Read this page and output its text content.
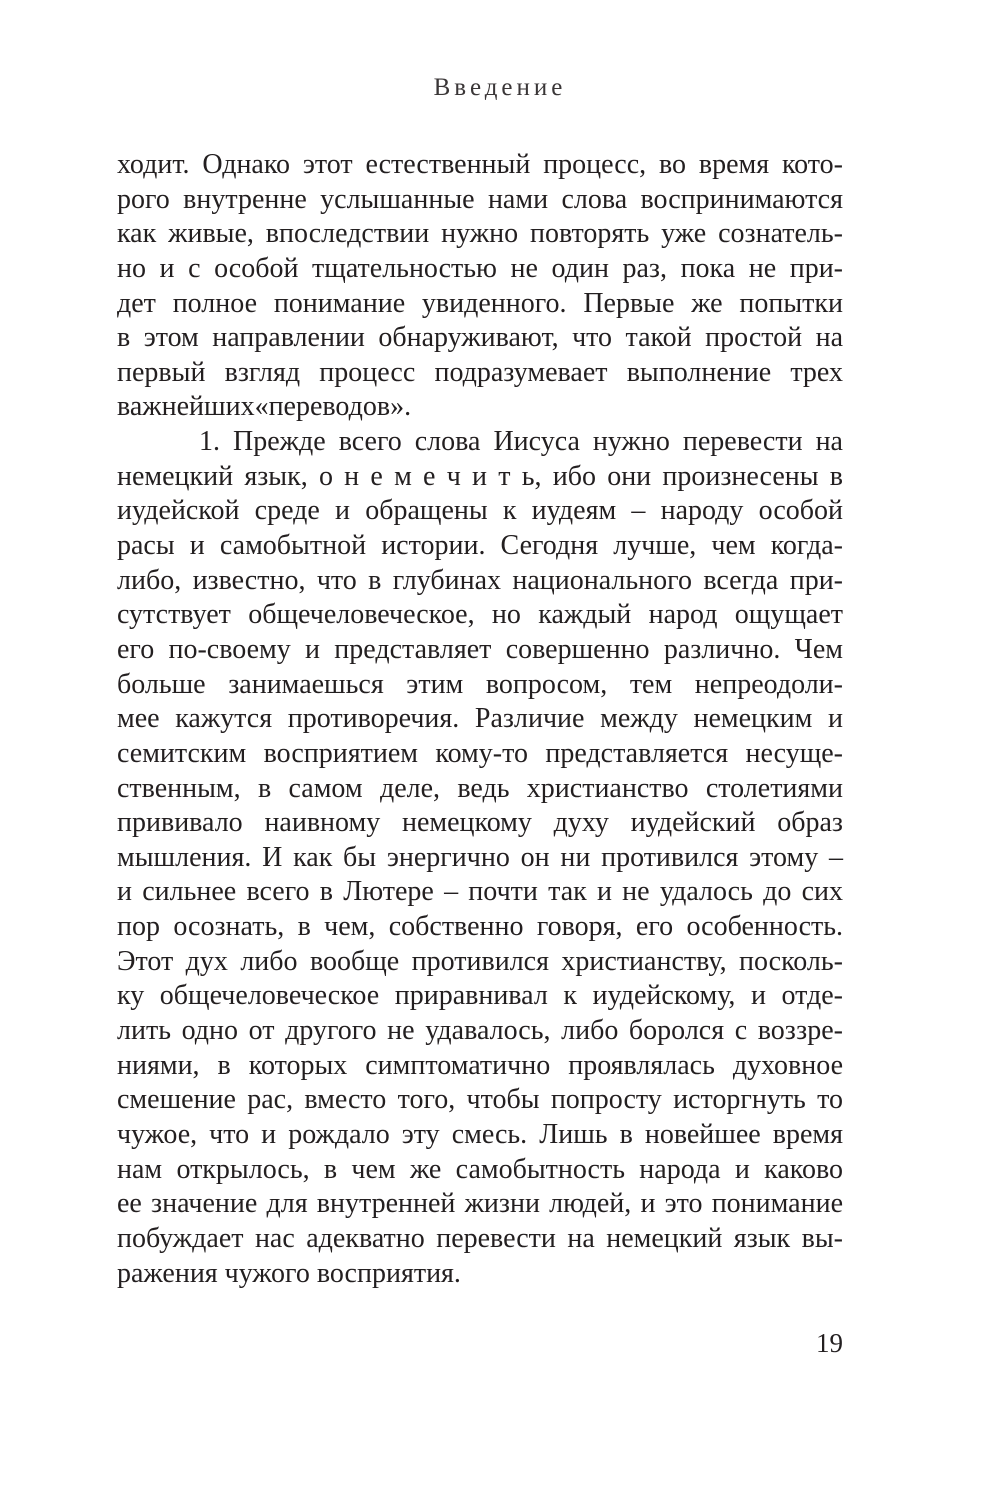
Введение
ходит. Однако этот естественный процесс, во время кото-
рого внутренне услышанные нами слова воспринимаются
как живые, впоследствии нужно повторять уже сознатель-
но и с особой тщательностью не один раз, пока не при-
дет полное понимание увиденного. Первые же попытки
в этом направлении обнаруживают, что такой простой на
первый взгляд процесс подразумевает выполнение трех
важнейших«переводов».
1. Прежде всего слова Иисуса нужно перевести на
немецкий язык, о н е м е ч и т ь, ибо они произнесены в
иудейской среде и обращены к иудеям – народу особой
расы и самобытной истории. Сегодня лучше, чем когда-
либо, известно, что в глубинах национального всегда при-
сутствует общечеловеческое, но каждый народ ощущает
его по-своему и представляет совершенно различно. Чем
больше занимаешься этим вопросом, тем непреодоли-
мее кажутся противоречия. Различие между немецким и
семитским восприятием кому-то представляется несуще-
ственным, в самом деле, ведь христианство столетиями
прививало наивному немецкому духу иудейский образ
мышления. И как бы энергично он ни противился этому –
и сильнее всего в Лютере – почти так и не удалось до сих
пор осознать, в чем, собственно говоря, его особенность.
Этот дух либо вообще противился христианству, посколь-
ку общечеловеческое приравнивал к иудейскому, и отде-
лить одно от другого не удавалось, либо боролся с воззре-
ниями, в которых симптоматично проявлялась духовное
смешение рас, вместо того, чтобы попросту исторгнуть то
чужое, что и рождало эту смесь. Лишь в новейшее время
нам открылось, в чем же самобытность народа и каково
ее значение для внутренней жизни людей, и это понимание
побуждает нас адекватно перевести на немецкий язык вы-
ражения чужого восприятия.
19
